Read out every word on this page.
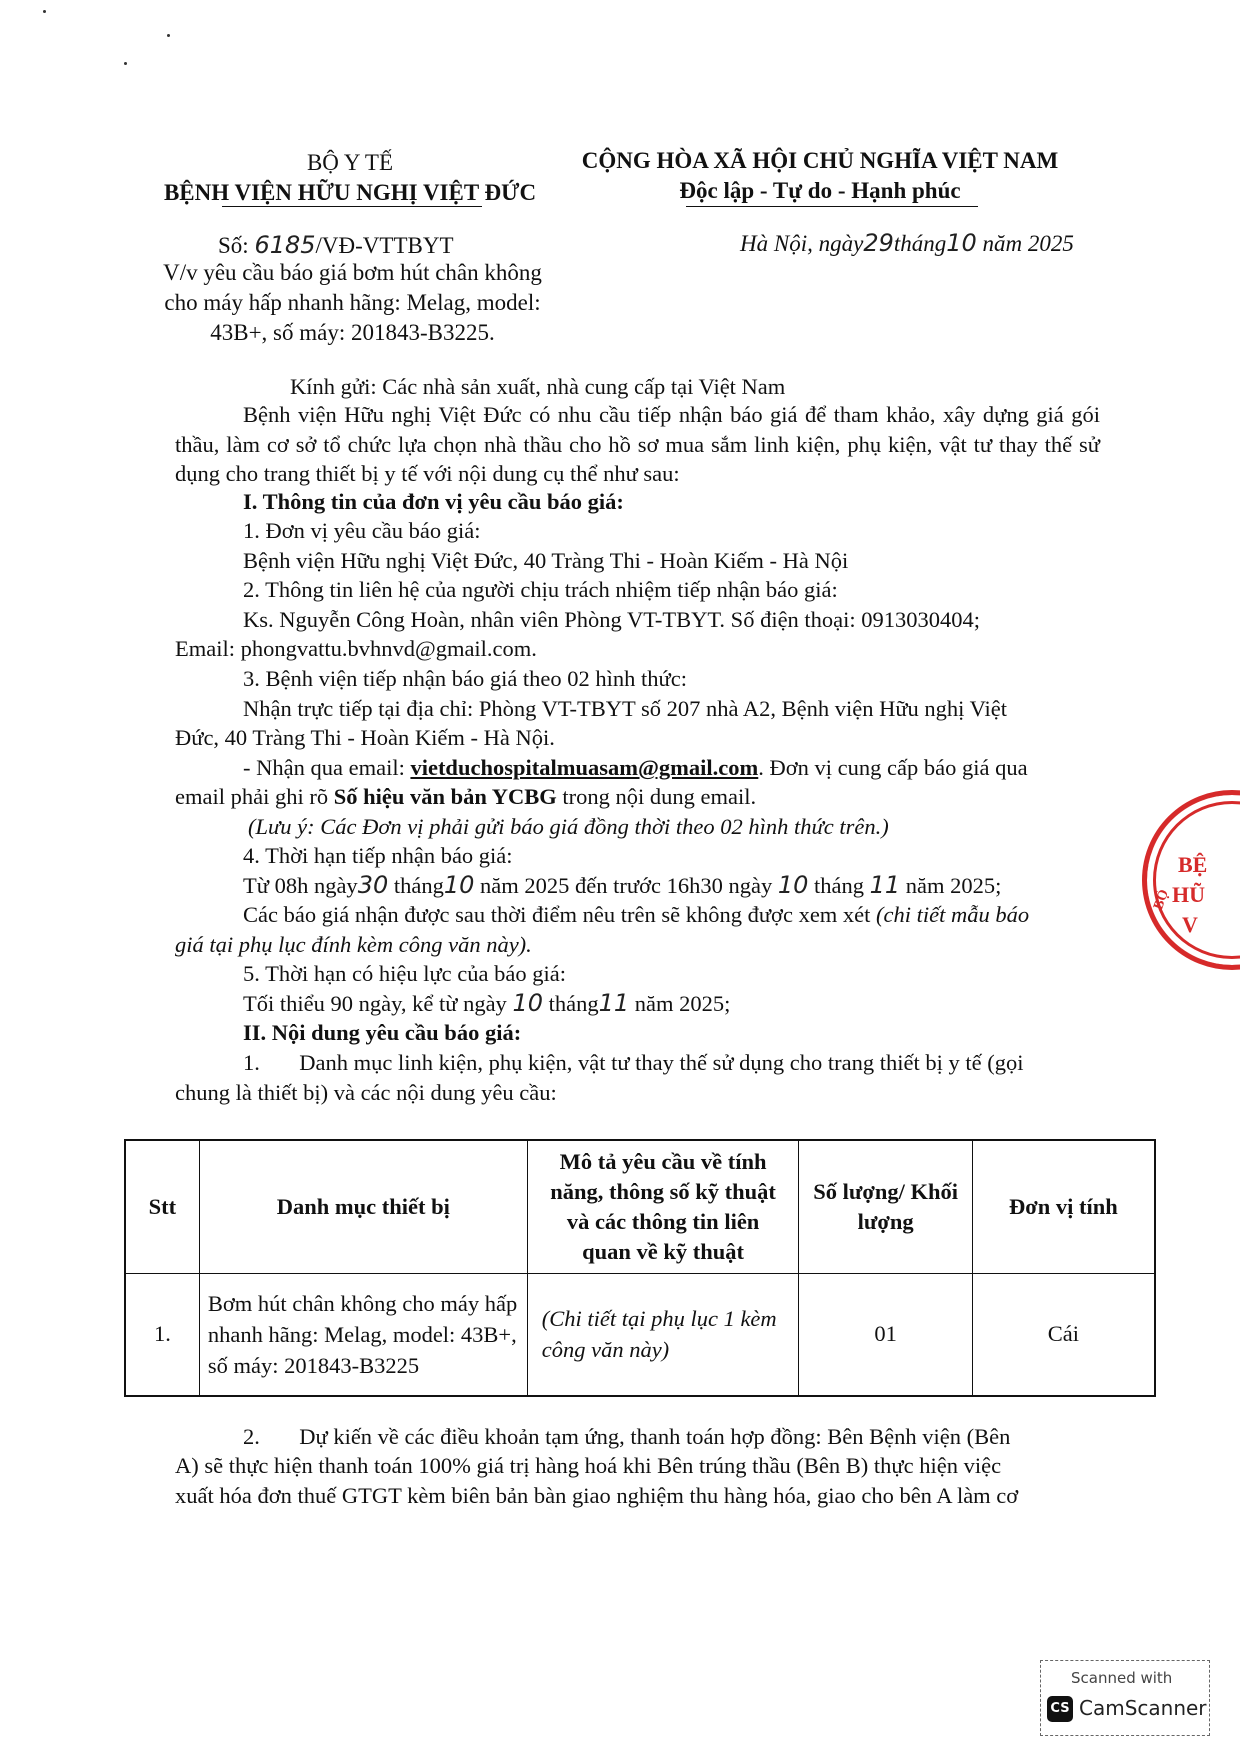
BỘ Y TẾ
BỆNH VIỆN HỮU NGHỊ VIỆT ĐỨC
CỘNG HÒA XÃ HỘI CHỦ NGHĨA VIỆT NAM
Độc lập - Tự do - Hạnh phúc
Số: 6185/VĐ-VTTBYT	Hà Nội, ngày29tháng10 năm 2025
V/v yêu cầu báo giá bơm hút chân không
cho máy hấp nhanh hãng: Melag, model:
43B+, số máy: 201843-B3225.
Kính gửi: Các nhà sản xuất, nhà cung cấp tại Việt Nam
Bệnh viện Hữu nghị Việt Đức có nhu cầu tiếp nhận báo giá để tham khảo, xây dựng giá gói thầu, làm cơ sở tổ chức lựa chọn nhà thầu cho hồ sơ mua sắm linh kiện, phụ kiện, vật tư thay thế sử dụng cho trang thiết bị y tế với nội dung cụ thể như sau:
I. Thông tin của đơn vị yêu cầu báo giá:
1. Đơn vị yêu cầu báo giá:
Bệnh viện Hữu nghị Việt Đức, 40 Tràng Thi - Hoàn Kiếm - Hà Nội
2. Thông tin liên hệ của người chịu trách nhiệm tiếp nhận báo giá:
Ks. Nguyễn Công Hoàn, nhân viên Phòng VT-TBYT. Số điện thoại: 0913030404;
Email: phongvattu.bvhnvd@gmail.com.
3. Bệnh viện tiếp nhận báo giá theo 02 hình thức:
Nhận trực tiếp tại địa chỉ: Phòng VT-TBYT số 207 nhà A2, Bệnh viện Hữu nghị Việt
Đức, 40 Tràng Thi - Hoàn Kiếm - Hà Nội.
- Nhận qua email: vietduchospitalmuasam@gmail.com. Đơn vị cung cấp báo giá qua
email phải ghi rõ Số hiệu văn bản YCBG trong nội dung email.
(Lưu ý: Các Đơn vị phải gửi báo giá đồng thời theo 02 hình thức trên.)
4. Thời hạn tiếp nhận báo giá:
Từ 08h ngày30 tháng10 năm 2025 đến trước 16h30 ngày 10 tháng 11 năm 2025;
Các báo giá nhận được sau thời điểm nêu trên sẽ không được xem xét (chi tiết mẫu báo
giá tại phụ lục đính kèm công văn này).
5. Thời hạn có hiệu lực của báo giá:
Tối thiểu 90 ngày, kể từ ngày 10 tháng11 năm 2025;
II. Nội dung yêu cầu báo giá:
1.       Danh mục linh kiện, phụ kiện, vật tư thay thế sử dụng cho trang thiết bị y tế (gọi
chung là thiết bị) và các nội dung yêu cầu:
Stt	Danh mục thiết bị	Mô tả yêu cầu về tính năng, thông số kỹ thuật và các thông tin liên quan về kỹ thuật	Số lượng/ Khối lượng	Đơn vị tính
1.	Bơm hút chân không cho máy hấp nhanh hãng: Melag, model: 43B+, số máy: 201843-B3225	(Chi tiết tại phụ lục 1 kèm công văn này)	01	Cái
2.       Dự kiến về các điều khoản tạm ứng, thanh toán hợp đồng: Bên Bệnh viện (Bên
A) sẽ thực hiện thanh toán 100% giá trị hàng hoá khi Bên trúng thầu (Bên B) thực hiện việc
xuất hóa đơn thuế GTGT kèm biên bản bàn giao nghiệm thu hàng hóa, giao cho bên A làm cơ
BỆ
HŨ
V
BỘ
Scanned with
CS CamScanner
